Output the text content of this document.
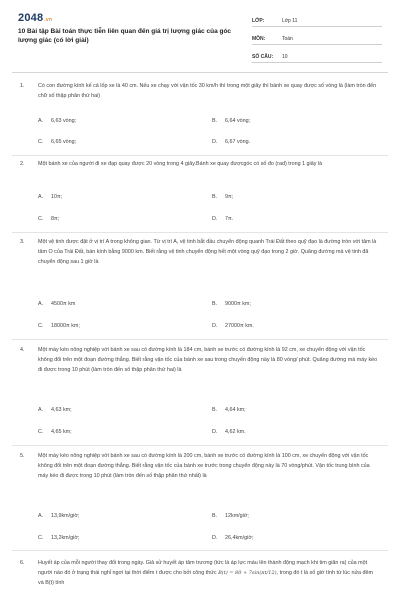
2048.vn
10 Bài tập Bài toán thực tiễn liên quan đến giá trị lượng giác của góc lượng giác (có lời giải)
LỚP:	Lớp 11
MÔN:	Toán
SỐ CÂU:	10
1.	Có con đường kính kế cả lốp xe là 40 cm. Nếu xe chạy với vận tốc 30 km/h thì trong một giây thì bánh xe quay được số vòng là (làm tròn đến chữ số thập phân thứ hai)
A. 6,63 vòng;	B. 6,64 vòng;
C. 6,65 vòng;	D. 6,67 vòng.
2.	Một bánh xe của người đi xe đạp quay được 20 vòng trong 4 giây.Bánh xe quay đượcgóc có số đo (rad) trong 1 giây là
A. 10π;	B. 9π;
C. 8π;	D. 7π.
3.	Một vệ tinh được đặt ở vị trí A trong không gian. Từ vị trí A, vệ tinh bắt đầu chuyển động quanh Trái Đất theo quỹ đạo là đường tròn với tâm là tâm O của Trái Đất, bán kính bằng 9000 km. Biết rằng vệ tinh chuyển động hết một vòng quỹ đạo trong 2 giờ. Quãng đường mà vệ tinh đã chuyển động sau 1 giờ là
A. 4500π km	B. 9000π km;
C. 18000π km;	D. 27000π km.
4.	Một máy kéo nông nghiệp với bánh xe sau có đường kính là 184 cm, bánh xe trước có đường kính là 92 cm, xe chuyển động với vận tốc không đổi trên một đoạn đường thẳng. Biết rằng vận tốc của bánh xe sau trong chuyển động này là 80 vòng/ phút. Quãng đường mà máy kéo đi được trong 10 phút (làm tròn đến số thập phân thứ hai) là
A. 4,63 km;	B. 4,64 km;
C. 4,65 km;	D. 4,62 km.
5.	Một máy kéo nông nghiệp với bánh xe sau có đường kính là 200 cm, bánh xe trước có đường kính là 100 cm, xe chuyển động với vận tốc không đổi trên một đoạn đường thẳng. Biết rằng vận tốc của bánh xe trước trong chuyển động này là 70 vòng/phút. Vận tốc trung bình của máy kéo đi được trong 10 phút (làm tròn đến số thập phân thứ nhất) là
A. 13,9km/giờ;	B. 12km/giờ;
C. 13,2km/giờ;	D. 26,4km/giờ;
6.	Huyết áp của mỗi người thay đổi trong ngày. Giả sử huyết áp tâm trương (tức là áp lực máu lên thành động mạch khi tim giãn ra) của một người nào đó ở trạng thái nghỉ ngơi tại thời điểm t được cho bởi công thức B(t) = 80 + 7sin(πt/12), trong đó t là số giờ tính từ lúc nửa đêm và B(t) tính
